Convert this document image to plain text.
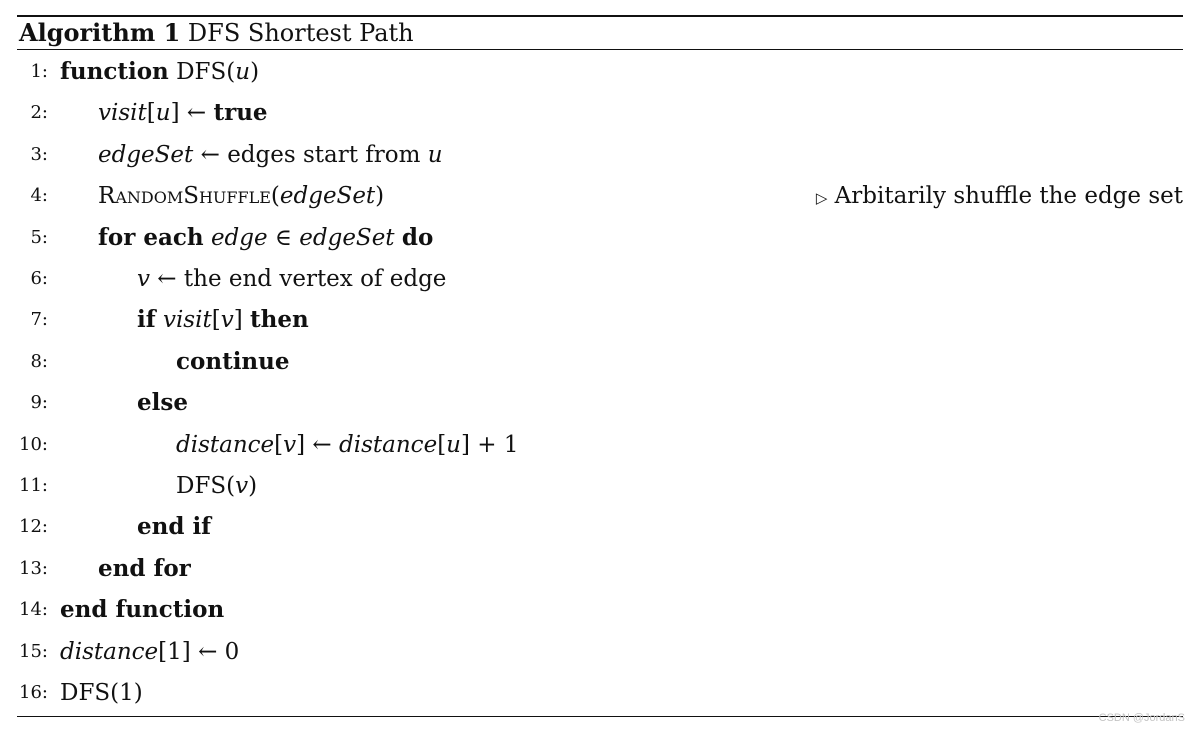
Algorithm 1 DFS Shortest Path
1: function DFS(u)
2: visit[u] ← true
3: edgeSet ← edges start from u
4: RandomShuffle(edgeSet)	▷ Arbitarily shuffle the edge set
5: for each edge ∈ edgeSet do
6:	v ← the end vertex of edge
7:	if visit[v] then
8:	continue
9:	else
10:	distance[v] ← distance[u] + 1
11:	DFS(v)
12:	end if
13: end for
14: end function
15: distance[1] ← 0
16: DFS(1)
CSDN @JordanS
